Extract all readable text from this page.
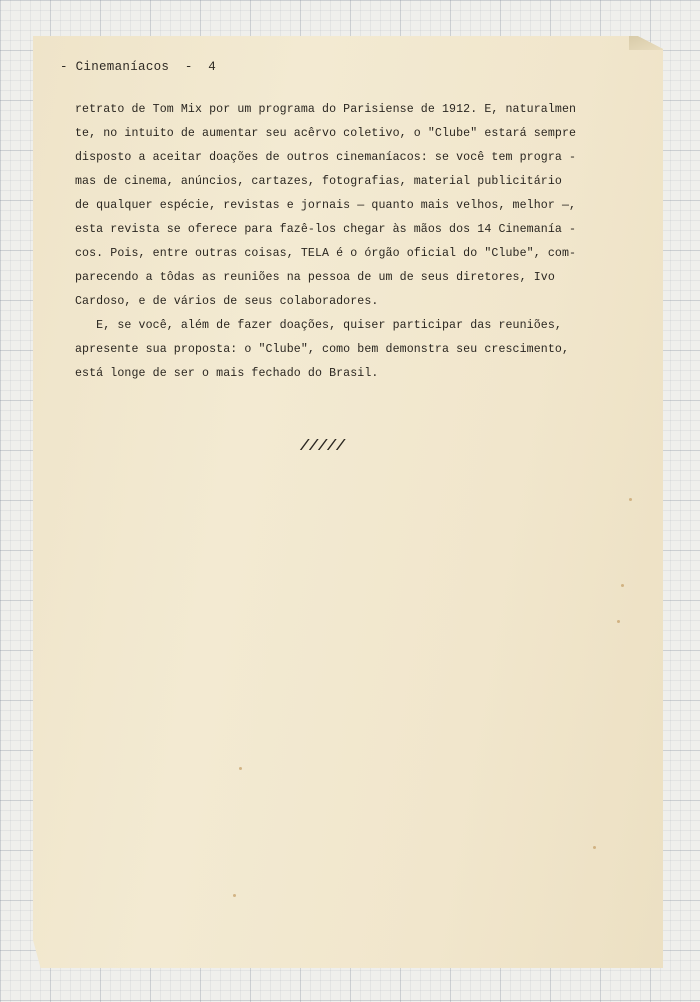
- Cinemaníacos  -  4
retrato de Tom Mix por um programa do Parisiense de 1912. E, naturalmen
te, no intuito de aumentar seu acêrvo coletivo, o "Clube" estará sempre
disposto a aceitar doações de outros cinemaníacos: se você tem progra -
mas de cinema, anúncios, cartazes, fotografias, material publicitário
de qualquer espécie, revistas e jornais — quanto mais velhos, melhor —,
esta revista se oferece para fazê-los chegar às mãos dos 14 Cinemaníа -
cos. Pois, entre outras coisas, TELA é o órgão oficial do "Clube", com-
parecendo a tôdas as reuniões na pessoa de um de seus diretores, Ivo
Cardoso, e de vários de seus colaboradores.
E, se você, além de fazer doações, quiser participar das reuniões,
apresente sua proposta: o "Clube", como bem demonstra seu crescimento,
está longe de ser o mais fechado do Brasil.
/////
